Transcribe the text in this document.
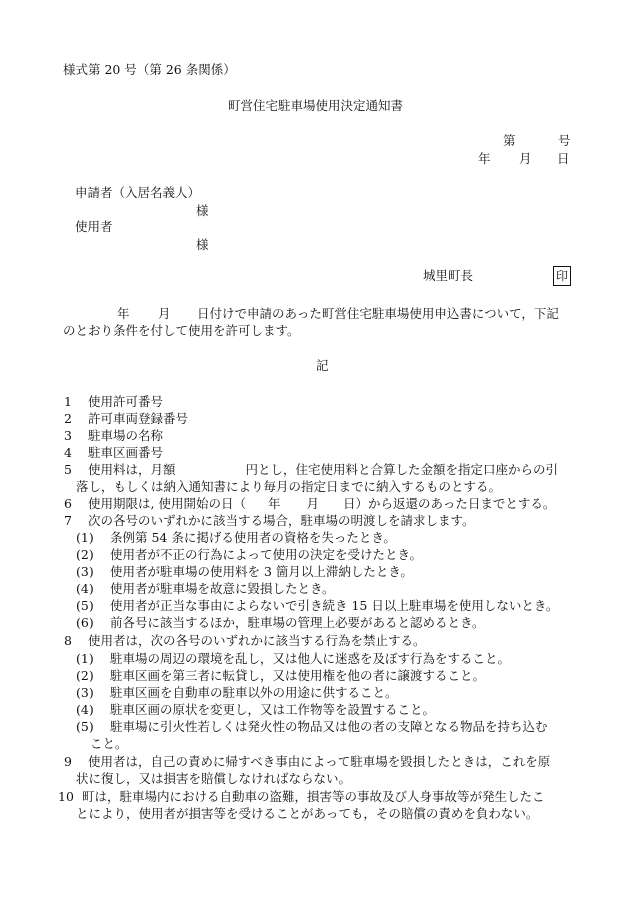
様式第 20 号（第 26 条関係）
町営住宅駐車場使用決定通知書
第	号
年 月 日
申請者（入居名義人）
様
使用者
様
城里町長	印
年 月 日付けで申請のあった町営住宅駐車場使用申込書について，下記
のとおり条件を付して使用を許可します。
記
1	使用許可番号
2	許可車両登録番号
3	駐車場の名称
4	駐車区画番号
5	使用料は，月額	円とし，住宅使用料と合算した金額を指定口座からの引
落し，もしくは納入通知書により毎月の指定日までに納入するものとする。
6	使用期限は, 使用開始の日（ 年 月 日）から返還のあった日までとする。
7	次の各号のいずれかに該当する場合，駐車場の明渡しを請求します。
(1)	条例第 54 条に掲げる使用者の資格を失ったとき。
(2)	使用者が不正の行為によって使用の決定を受けたとき。
(3)	使用者が駐車場の使用料を 3 箇月以上滞納したとき。
(4)	使用者が駐車場を故意に毀損したとき。
(5)	使用者が正当な事由によらないで引き続き 15 日以上駐車場を使用しないとき。
(6)	前各号に該当するほか，駐車場の管理上必要があると認めるとき。
8	使用者は，次の各号のいずれかに該当する行為を禁止する。
(1)	駐車場の周辺の環境を乱し，又は他人に迷惑を及ぼす行為をすること。
(2)	駐車区画を第三者に転貸し，又は使用権を他の者に譲渡すること。
(3)	駐車区画を自動車の駐車以外の用途に供すること。
(4)	駐車区画の原状を変更し，又は工作物等を設置すること。
(5)	駐車場に引火性若しくは発火性の物品又は他の者の支障となる物品を持ち込む
こと。
9	使用者は，自己の責めに帰すべき事由によって駐車場を毀損したときは，これを原
状に復し，又は損害を賠償しなければならない。
10 町は，駐車場内における自動車の盗難，損害等の事故及び人身事故等が発生したこ
とにより，使用者が損害等を受けることがあっても，その賠償の責めを負わない。
